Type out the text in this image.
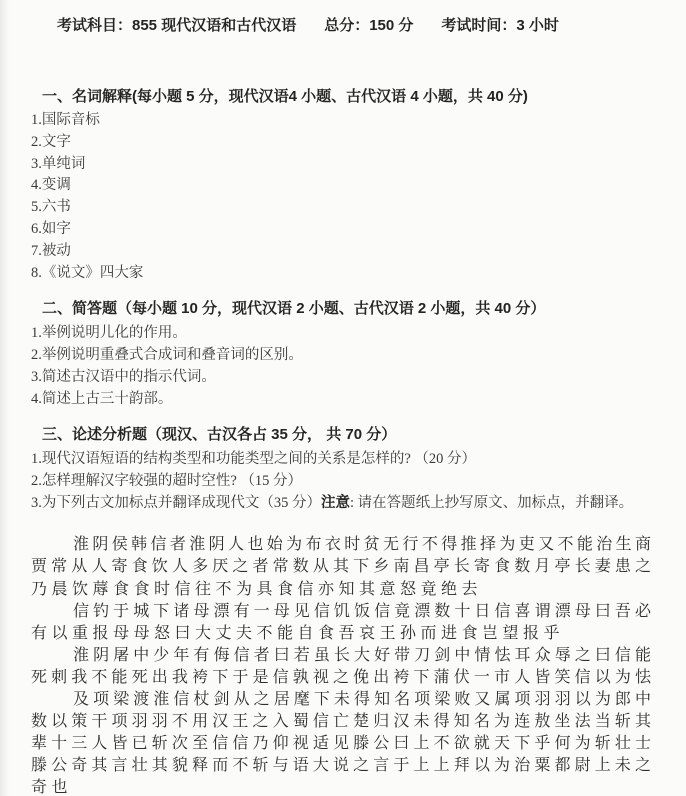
考试科目：855 现代汉语和古代汉语 总分：150 分 考试时间：3 小时
一、名词解释(每小题 5 分，现代汉语4 小题、古代汉语 4 小题，共 40 分)
1.国际音标
2.文字
3.单纯词
4.变调
5.六书
6.如字
7.被动
8.《说文》四大家
二、简答题（每小题 10 分，现代汉语 2 小题、古代汉语 2 小题，共 40 分）
1.举例说明儿化的作用。
2.举例说明重叠式合成词和叠音词的区别。
3.简述古汉语中的指示代词。
4.简述上古三十韵部。
三、论述分析题（现汉、古汉各占 35 分， 共 70 分）
1.现代汉语短语的结构类型和功能类型之间的关系是怎样的? （20 分）
2.怎样理解汉字较强的超时空性? （15 分）
3.为下列古文加标点并翻译成现代文（35 分）注意: 请在答题纸上抄写原文、加标点，并翻译。
淮阴侯韩信者淮阴人也始为布衣时贫无行不得推择为吏又不能治生商
贾常从人寄食饮人多厌之者常数从其下乡南昌亭长寄食数月亭长妻患之
乃晨饮蓐食食时信往不为具食信亦知其意怒竟绝去
信钓于城下诸母漂有一母见信饥饭信竟漂数十日信喜谓漂母曰吾必
有以重报母母怒曰大丈夫不能自食吾哀王孙而进食岂望报乎
淮阴屠中少年有侮信者曰若虽长大好带刀剑中情怯耳众辱之曰信能
死刺我不能死出我袴下于是信孰视之俛出袴下蒲伏一市人皆笑信以为怯
及项梁渡淮信杖剑从之居麾下未得知名项梁败又属项羽羽以为郎中
数以策干项羽羽不用汉王之入蜀信亡楚归汉未得知名为连敖坐法当斩其
辈十三人皆已斩次至信信乃仰视适见滕公曰上不欲就天下乎何为斩壮士
滕公奇其言壮其貌释而不斩与语大说之言于上上拜以为治粟都尉上未之
奇也
